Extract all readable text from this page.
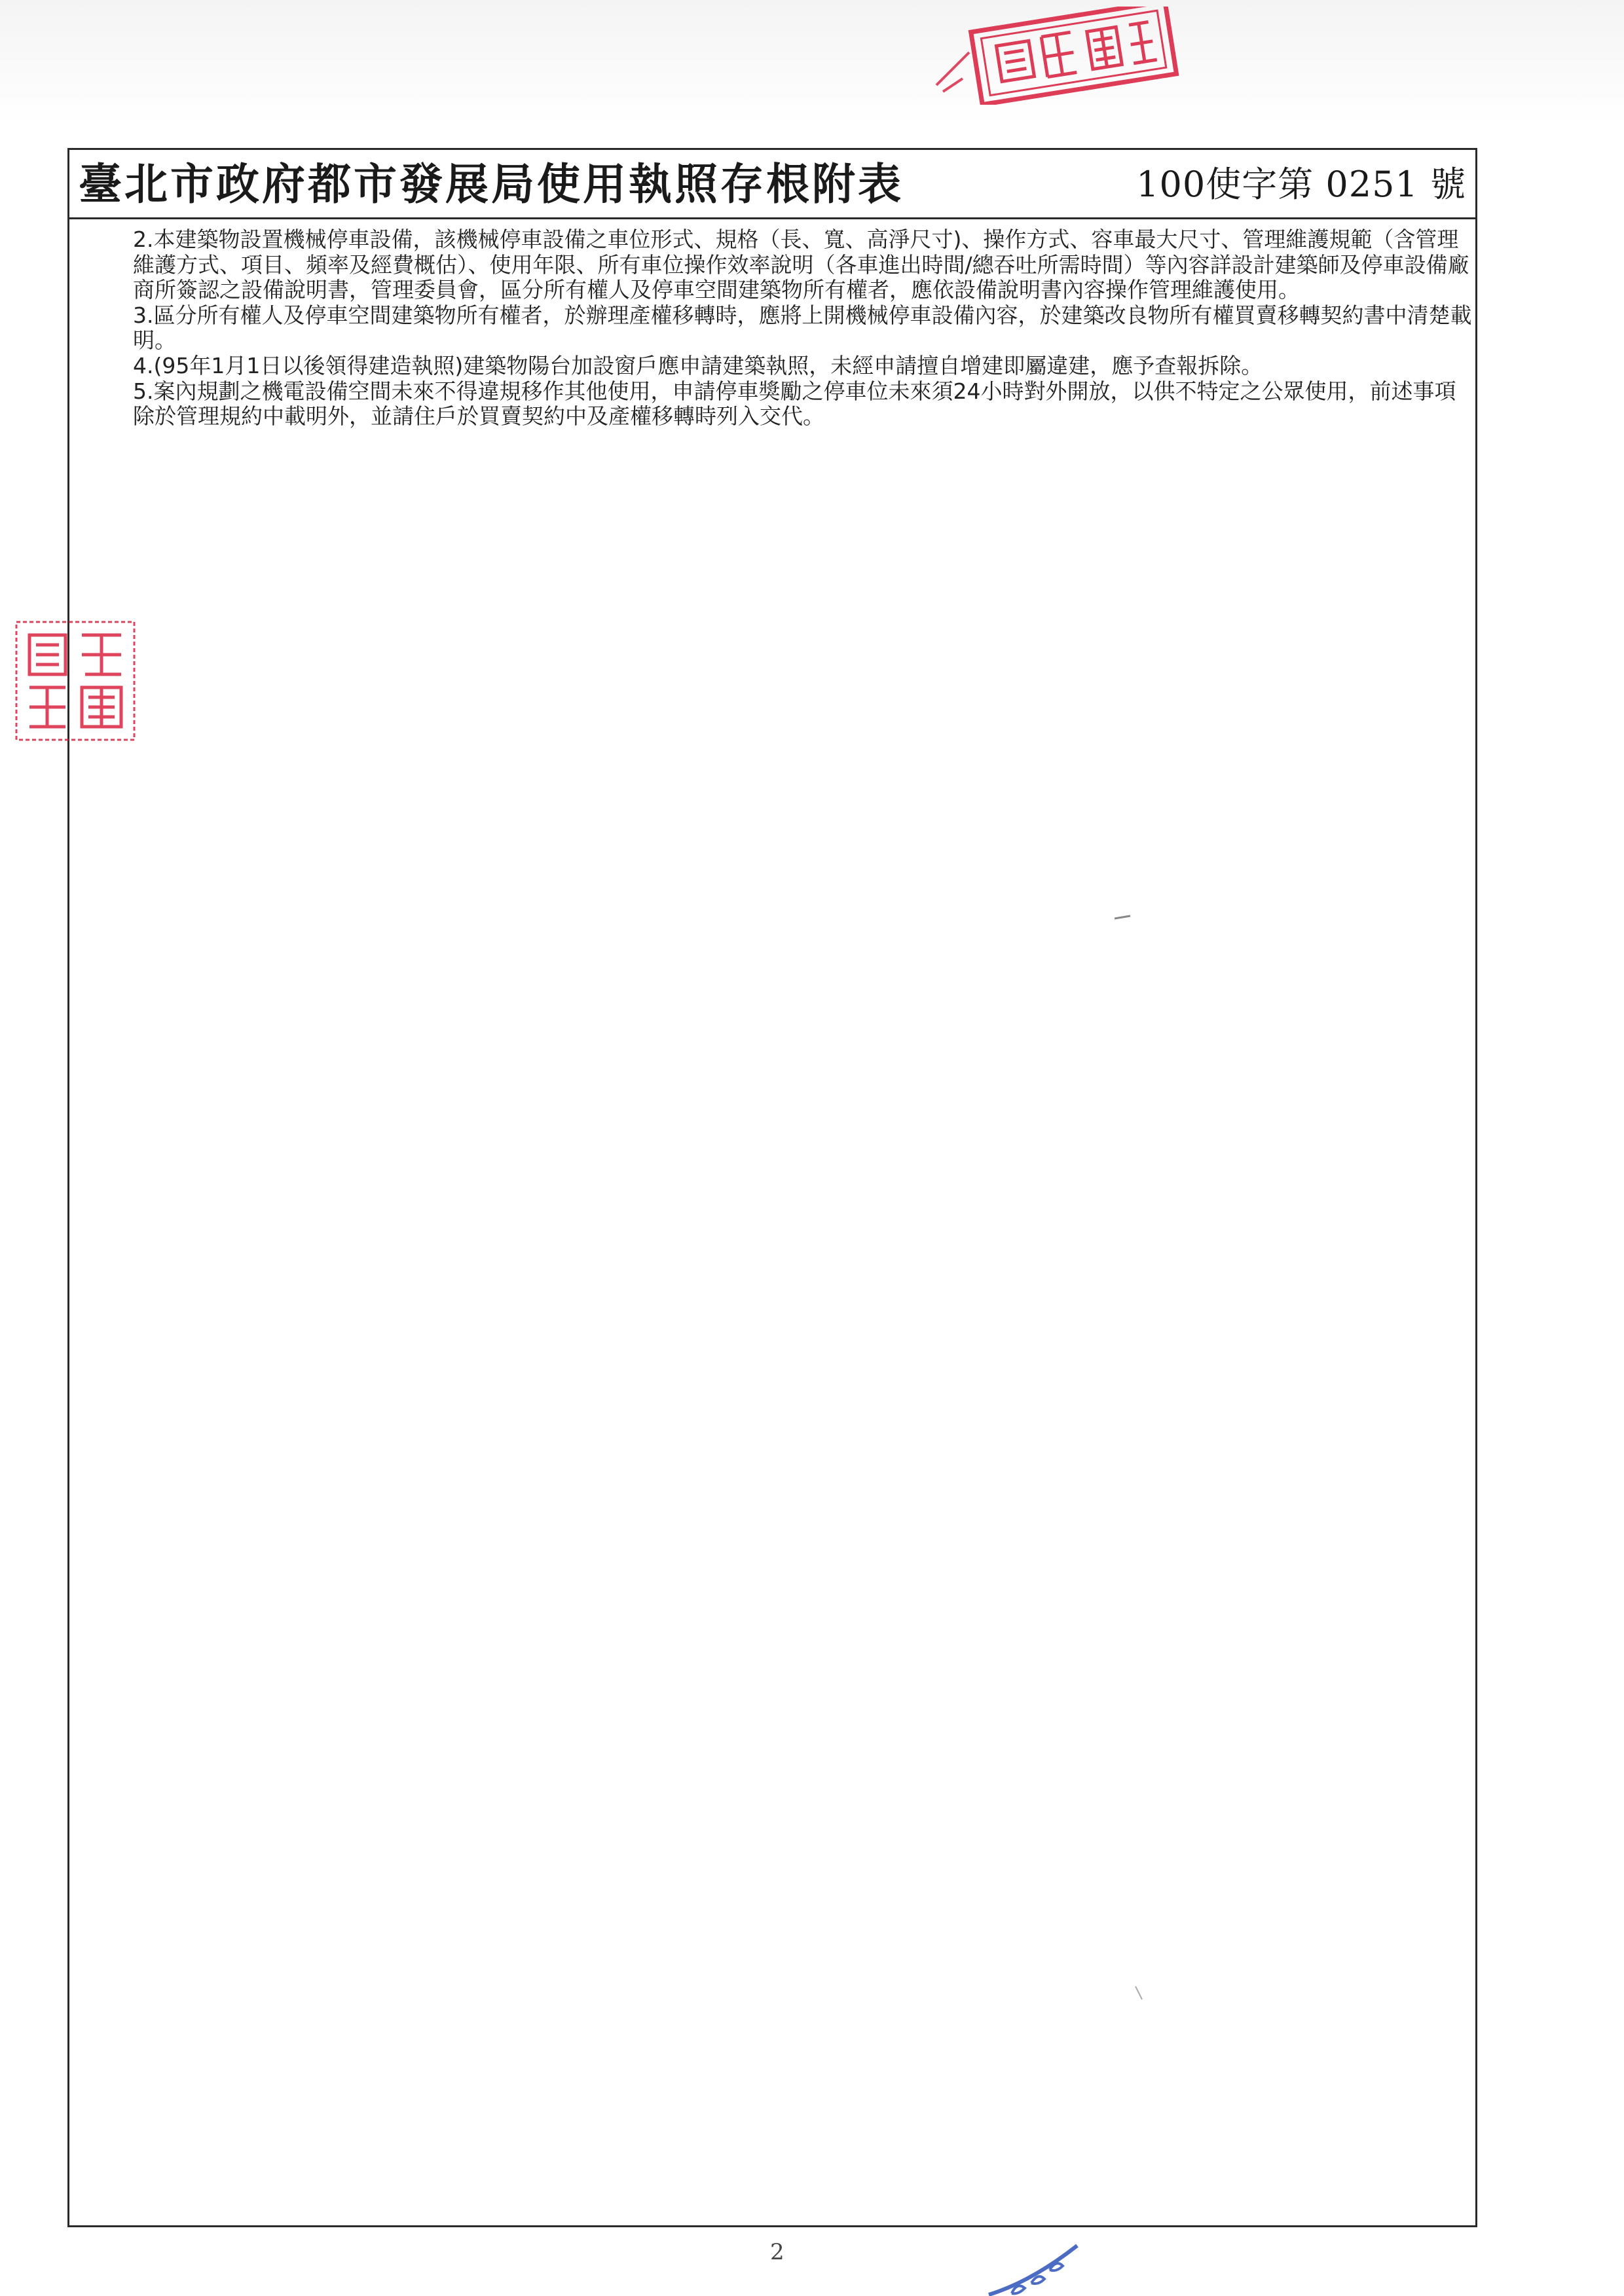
臺北市政府都市發展局使用執照存根附表	100使字第 0251 號
2.本建築物設置機械停車設備，該機械停車設備之車位形式、規格（長、寬、高淨尺寸)、操作方式、容車最大尺寸、管理維護規範（含管理維護方式、項目、頻率及經費概估）、使用年限、所有車位操作效率說明（各車進出時間/總吞吐所需時間）等內容詳設計建築師及停車設備廠商所簽認之設備說明書，管理委員會，區分所有權人及停車空間建築物所有權者，應依設備說明書內容操作管理維護使用。
3.區分所有權人及停車空間建築物所有權者，於辦理產權移轉時，應將上開機械停車設備內容，於建築改良物所有權買賣移轉契約書中清楚載明。
4.(95年1月1日以後領得建造執照)建築物陽台加設窗戶應申請建築執照，未經申請擅自增建即屬違建，應予查報拆除。
5.案內規劃之機電設備空間未來不得違規移作其他使用，申請停車獎勵之停車位未來須24小時對外開放，以供不特定之公眾使用，前述事項除於管理規約中載明外，並請住戶於買賣契約中及產權移轉時列入交代。
2
